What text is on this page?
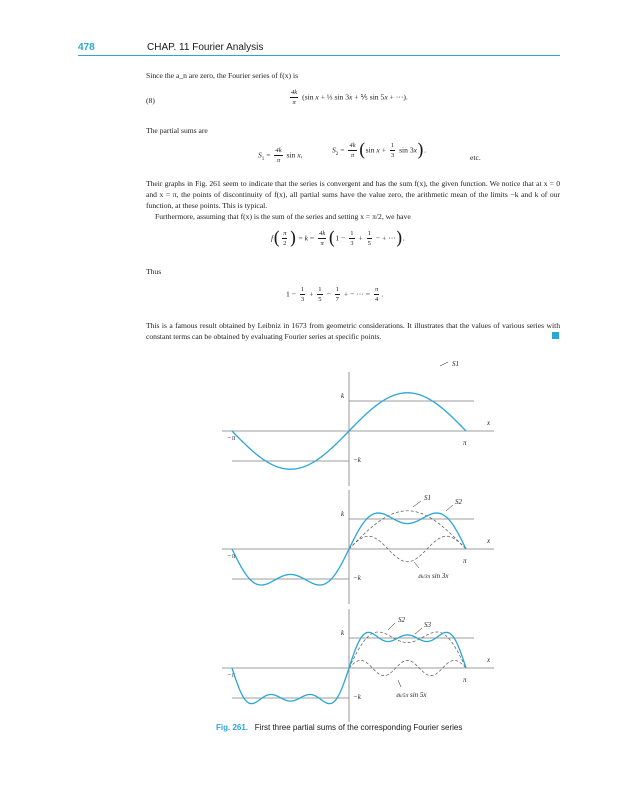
478	CHAP. 11 Fourier Analysis
Since the a_n are zero, the Fourier series of f(x) is
(8)	$\frac{4k}{\pi} (\sin$ x + ⅓ sin 3x + ⅕ sin 5x + ···).
The partial sums are
$S_1 = \frac{4k}{\pi}$ sin x,
$S_2 = \frac{4k}{\pi} (\sin$ $x + \frac{1}{3}$ sin 3x).
etc.
Their graphs in Fig. 261 seem to indicate that the series is convergent and has the sum f(x), the given function. We notice that at x = 0 and x = π, the points of discontinuity of f(x), all partial sums have the value zero, the arithmetic mean of the limits −k and k of our function, at these points. This is typical.
Furthermore, assuming that f(x) is the sum of the series and setting x = π/2, we have
$f( \frac{\pi}{2}$ ) = $k = \frac{4k}{\pi} (1 - \frac{1}{3} + \frac{1}{5}$ − + ···).
Thus
$1 - \frac{1}{3} + \frac{1}{5} - \frac{1}{7}$ + − ··· = $\frac{\pi}{4}$ .
This is a famous result obtained by Leibniz in 1673 from geometric considerations. It illustrates that the values of various series with constant terms can be obtained by evaluating Fourier series at specific points.
k
−k
−π
π
x
k
−k
−π
π
x
k
−k
−π
π
x
S1
S1	S2
4k/3π sin 3x
S2
S3
4k/5π sin 5x
Fig. 261. First three partial sums of the corresponding Fourier series
